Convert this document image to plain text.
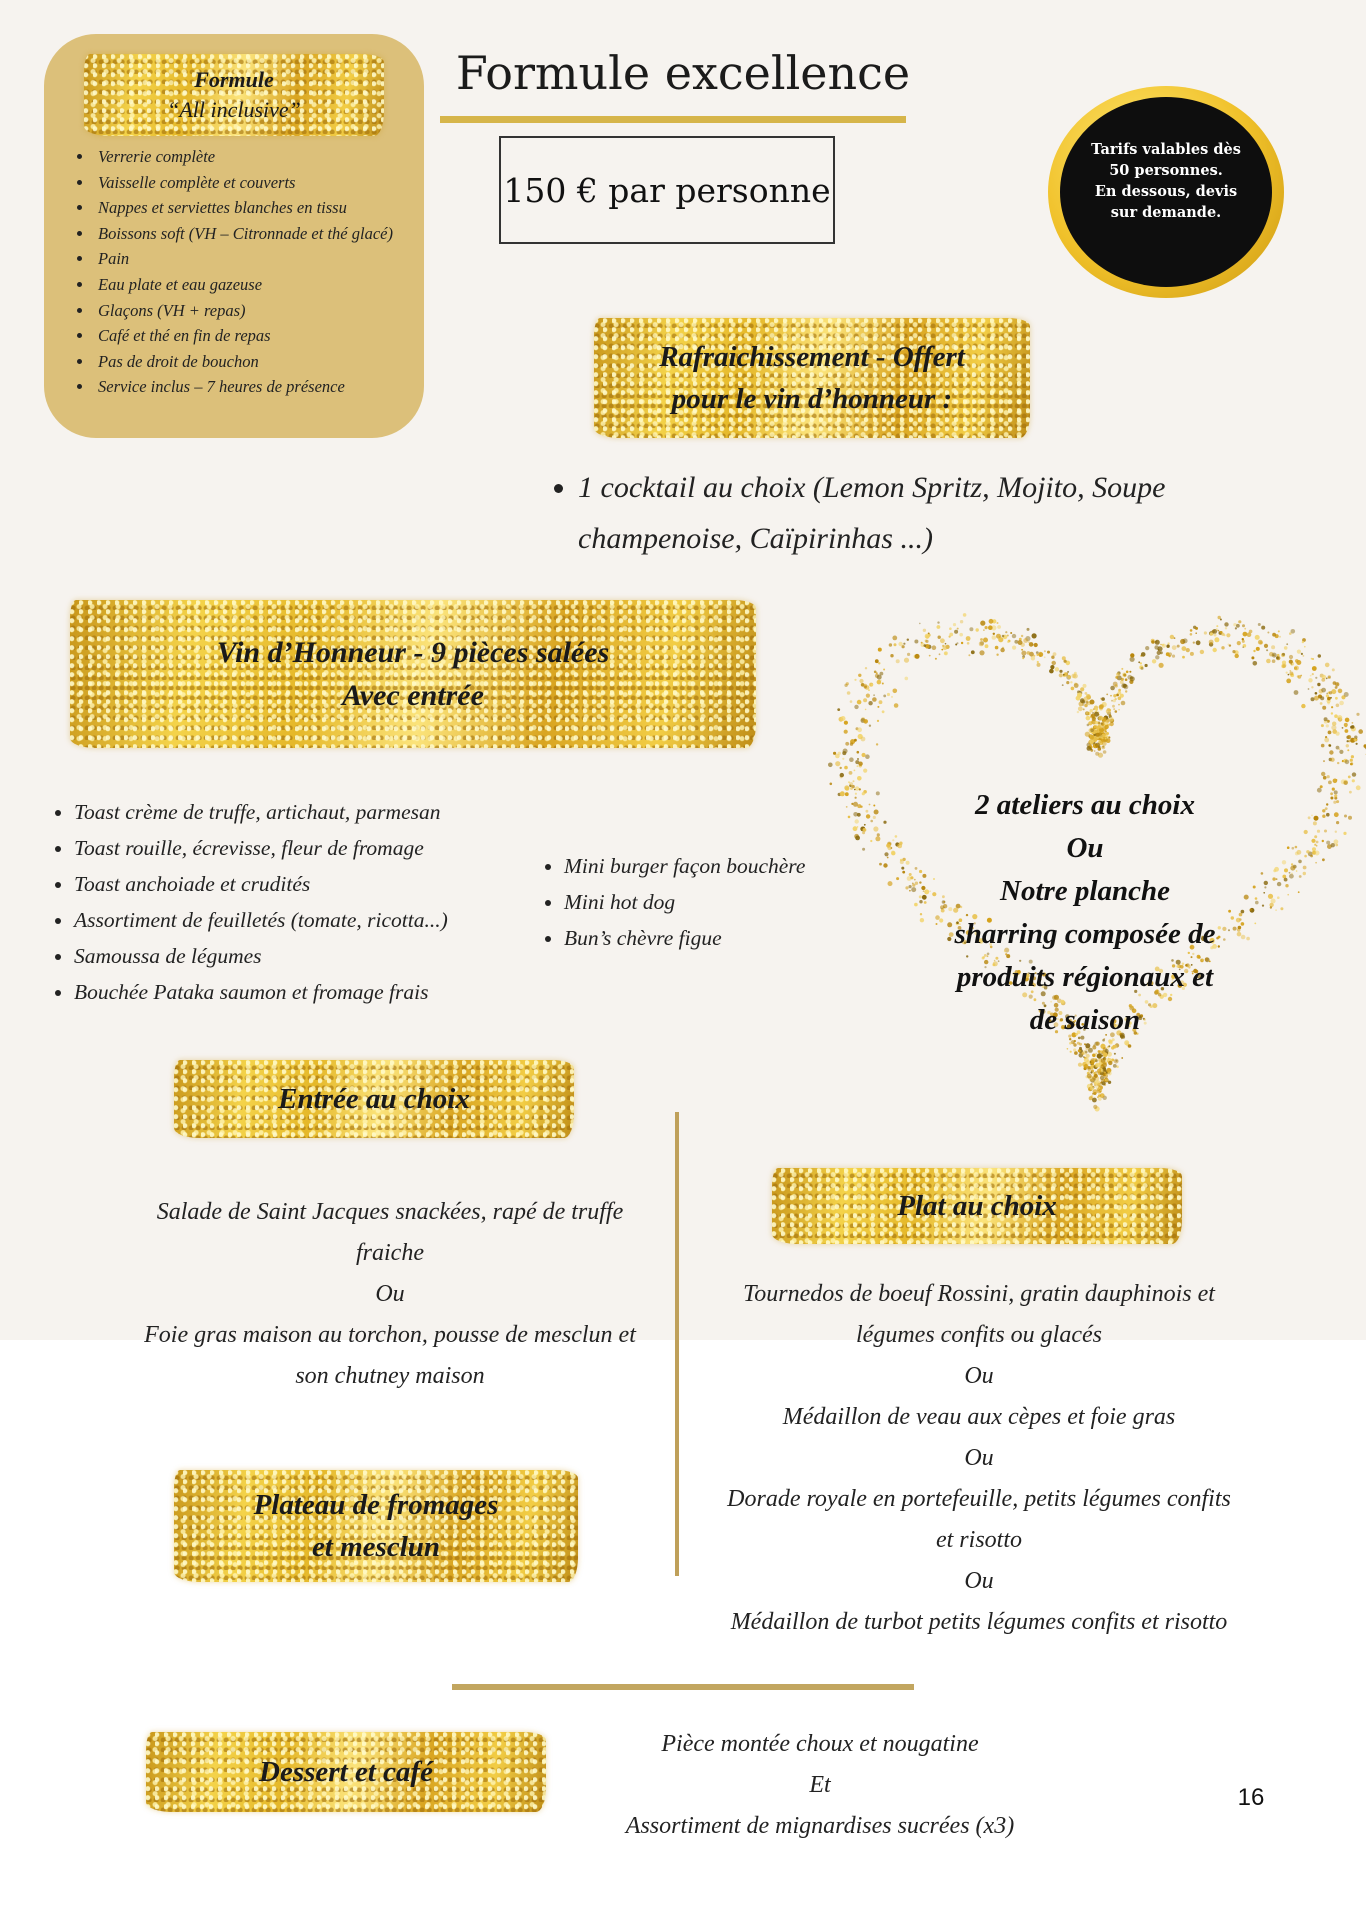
Formule
“All inclusive”
• Verrerie complète
• Vaisselle complète et couverts
• Nappes et serviettes blanches en tissu
• Boissons soft (VH – Citronnade et thé glacé)
• Pain
• Eau plate et eau gazeuse
• Glaçons (VH + repas)
• Café et thé en fin de repas
• Pas de droit de bouchon
• Service inclus – 7 heures de présence
Formule excellence
150 € par personne
Tarifs valables dès 50 personnes.
En dessous, devis sur demande.
Rafraichissement - Offert
pour le vin d’honneur :
• 1 cocktail au choix (Lemon Spritz, Mojito, Soupe champenoise, Caïpirinhas ...)
Vin d’Honneur - 9 pièces salées
Avec entrée
• Toast crème de truffe, artichaut, parmesan
• Toast rouille, écrevisse, fleur de fromage
• Toast anchoiade et crudités
• Assortiment de feuilletés (tomate, ricotta...)
• Samoussa de légumes
• Bouchée Pataka saumon et fromage frais
• Mini burger façon bouchère
• Mini hot dog
• Bun’s chèvre figue
2 ateliers au choix
Ou
Notre planche
sharring composée de
produits régionaux et
de saison
Entrée au choix
Salade de Saint Jacques snackées, rapé de truffe
fraiche
Ou
Foie gras maison au torchon, pousse de mesclun et
son chutney maison
Plat au choix
Tournedos de boeuf Rossini, gratin dauphinois et
légumes confits ou glacés
Ou
Médaillon de veau aux cèpes et foie gras
Ou
Dorade royale en portefeuille, petits légumes confits
et risotto
Ou
Médaillon de turbot petits légumes confits et risotto
Plateau de fromages
et mesclun
Dessert et café
Pièce montée choux et nougatine
Et
Assortiment de mignardises sucrées (x3)
16
